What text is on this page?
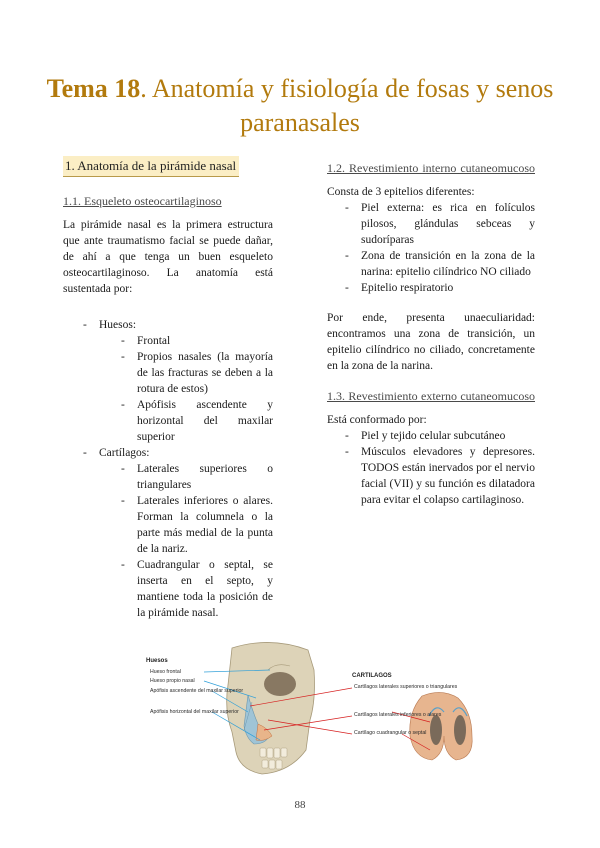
Tema 18. Anatomía y fisiología de fosas y senos paranasales
1. Anatomía de la pirámide nasal
1.1. Esqueleto osteocartilaginoso

La pirámide nasal es la primera estructura que ante traumatismo facial se puede dañar, de ahí a que tenga un buen esqueleto osteocartilaginoso. La anatomía está sustentada por:

- Huesos:
- Frontal
- Propios nasales (la mayoría de las fracturas se deben a la rotura de estos)
- Apófisis ascendente y horizontal del maxilar superior
- Cartílagos:
- Laterales superiores o triangulares
- Laterales inferiores o alares. Forman la columnela o la parte más medial de la punta de la nariz.
- Cuadrangular o septal, se inserta en el septo, y mantiene toda la posición de la pirámide nasal.
1.2. Revestimiento interno cutaneomucoso

Consta de 3 epitelios diferentes:

- Piel externa: es rica en folículos pilosos, glándulas sebceas y sudoríparas
- Zona de transición en la zona de la narina: epitelio cilíndrico NO ciliado
- Epitelio respiratorio

Por ende, presenta unaeculiaridad: encontramos una zona de transición, un epitelio cilíndrico no ciliado, concretamente en la zona de la narina.

1.3. Revestimiento externo cutaneomucoso

Está conformado por:

- Piel y tejido celular subcutáneo
- Músculos elevadores y depresores. TODOS están inervados por el nervio facial (VII) y su función es dilatadora para evitar el colapso cartilaginoso.
Huesos
Hueso frontal
Hueso propio nasal
Apófisis ascendente del maxilar superior
Apófisis horizontal del maxilar superior
CARTILAGOS
Cartílagos laterales superiores o triangulares
Cartílagos laterales inferiores o alares
Cartílago cuadrangular o septal
88
